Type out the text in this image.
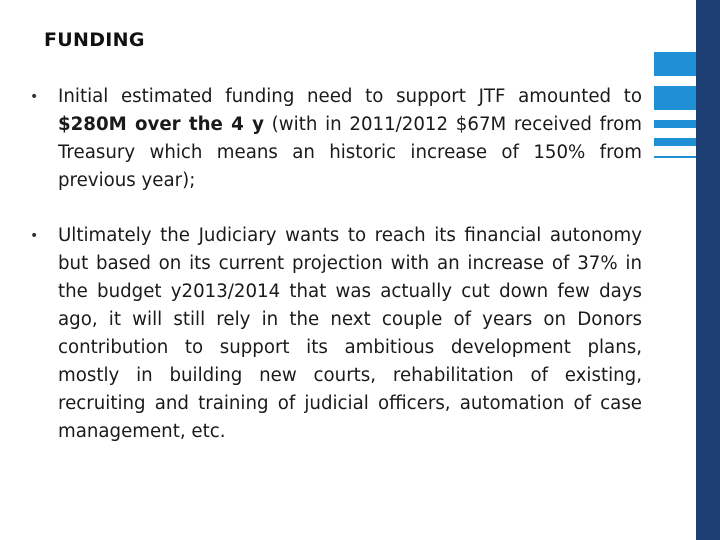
FUNDING
•	Initial estimated funding need to support JTF amounted to $280M over the 4 y (with in 2011/2012 $67M received from Treasury which means an historic increase of 150% from previous year);
•	Ultimately the Judiciary wants to reach its financial autonomy but based on its current projection with an increase of 37% in the budget y2013/2014 that was actually cut down few days ago, it will still rely in the next couple of years on Donors contribution to support its ambitious development plans, mostly in building new courts, rehabilitation of existing, recruiting and training of judicial officers, automation of case management, etc.
